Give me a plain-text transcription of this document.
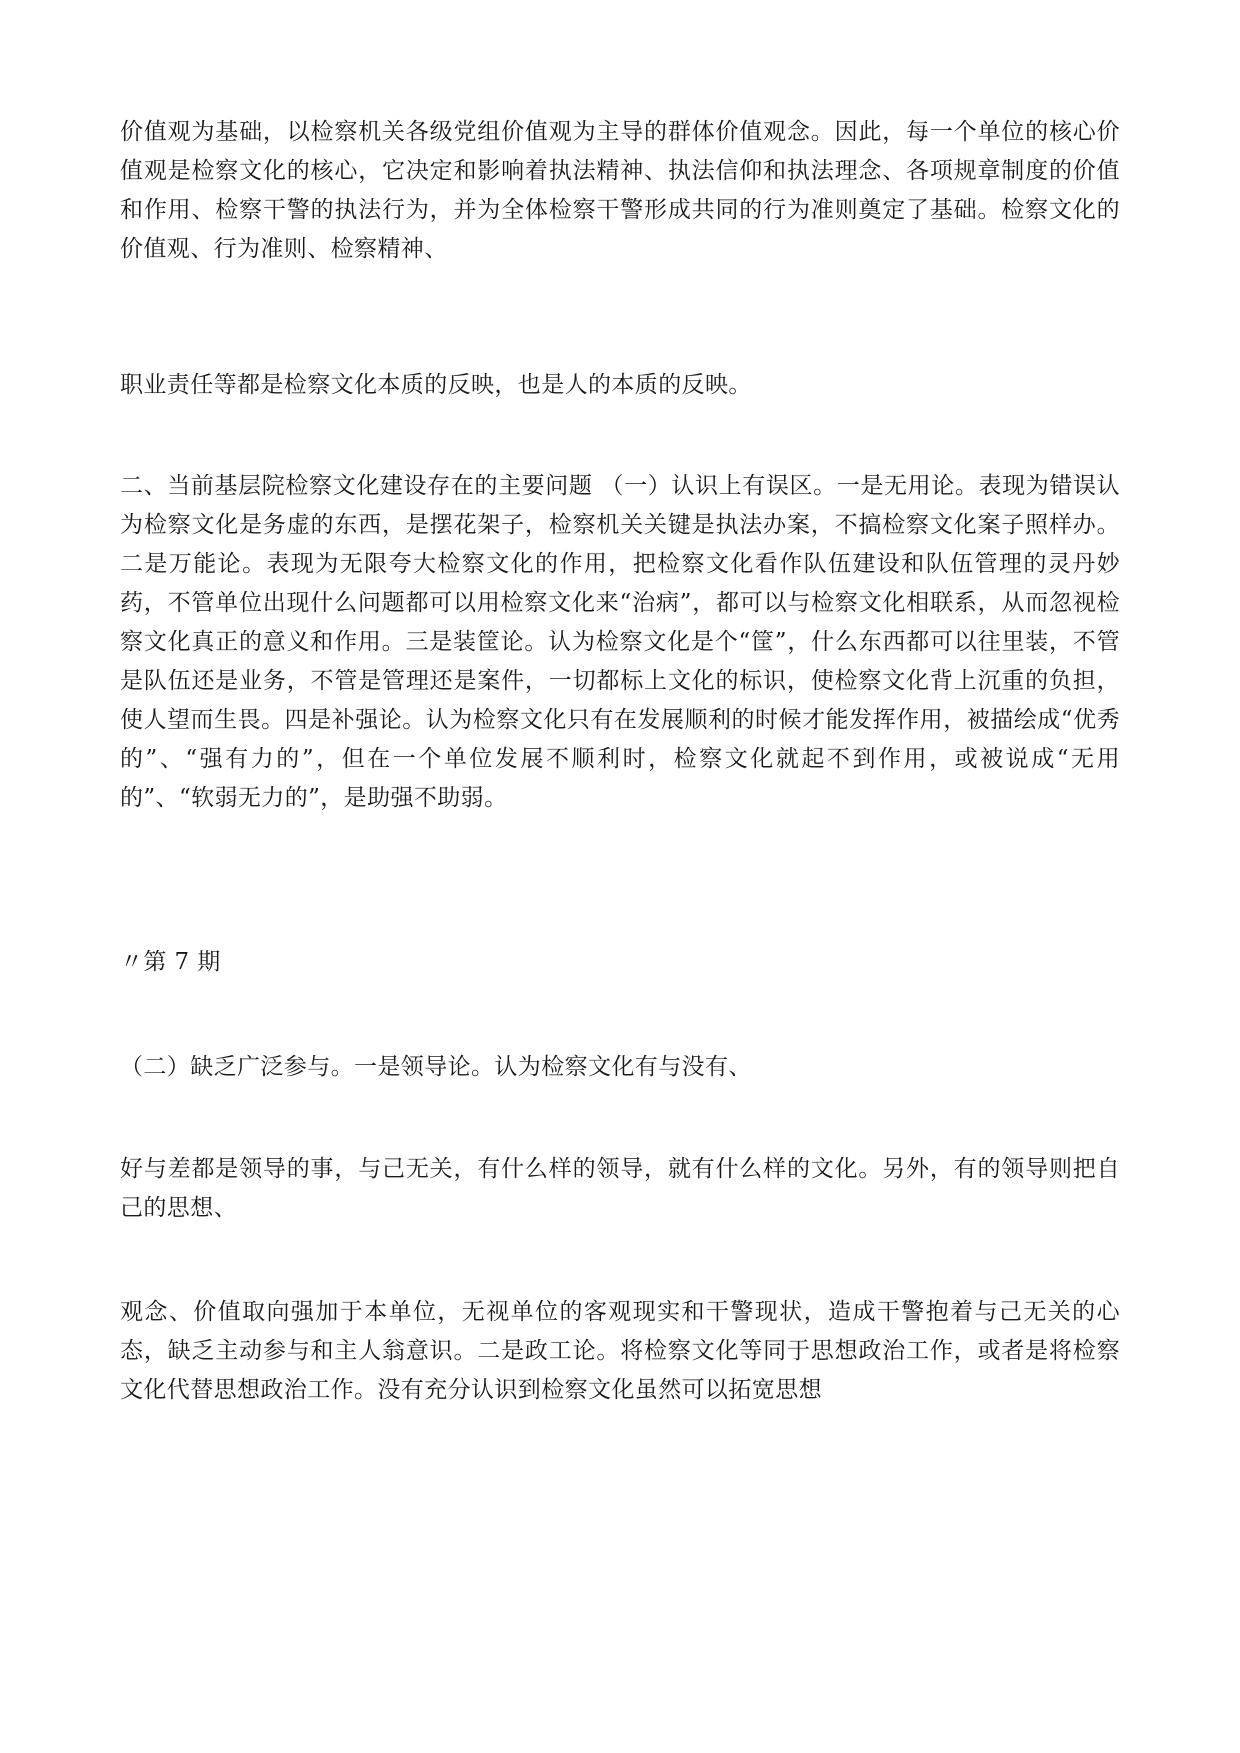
价值观为基础，以检察机关各级党组价值观为主导的群体价值观念。因此，每一个单位的核心价值观是检察文化的核心，它决定和影响着执法精神、执法信仰和执法理念、各项规章制度的价值和作用、检察干警的执法行为，并为全体检察干警形成共同的行为准则奠定了基础。检察文化的价值观、行为准则、检察精神、

职业责任等都是检察文化本质的反映，也是人的本质的反映。

二、当前基层院检察文化建设存在的主要问题 （一）认识上有误区。一是无用论。表现为错误认为检察文化是务虚的东西，是摆花架子，检察机关关键是执法办案，不搞检察文化案子照样办。二是万能论。表现为无限夸大检察文化的作用，把检察文化看作队伍建设和队伍管理的灵丹妙药，不管单位出现什么问题都可以用检察文化来“治病”，都可以与检察文化相联系，从而忽视检察文化真正的意义和作用。三是装筐论。认为检察文化是个“筐”，什么东西都可以往里装，不管是队伍还是业务，不管是管理还是案件，一切都标上文化的标识，使检察文化背上沉重的负担，使人望而生畏。四是补强论。认为检察文化只有在发展顺利的时候才能发挥作用，被描绘成“优秀的”、“强有力的”，但在一个单位发展不顺利时，检察文化就起不到作用，或被说成“无用的”、“软弱无力的”，是助强不助弱。

〃第 7 期

（二）缺乏广泛参与。一是领导论。认为检察文化有与没有、

好与差都是领导的事，与己无关，有什么样的领导，就有什么样的文化。另外，有的领导则把自己的思想、

观念、价值取向强加于本单位，无视单位的客观现实和干警现状，造成干警抱着与己无关的心态，缺乏主动参与和主人翁意识。二是政工论。将检察文化等同于思想政治工作，或者是将检察文化代替思想政治工作。没有充分认识到检察文化虽然可以拓宽思想
